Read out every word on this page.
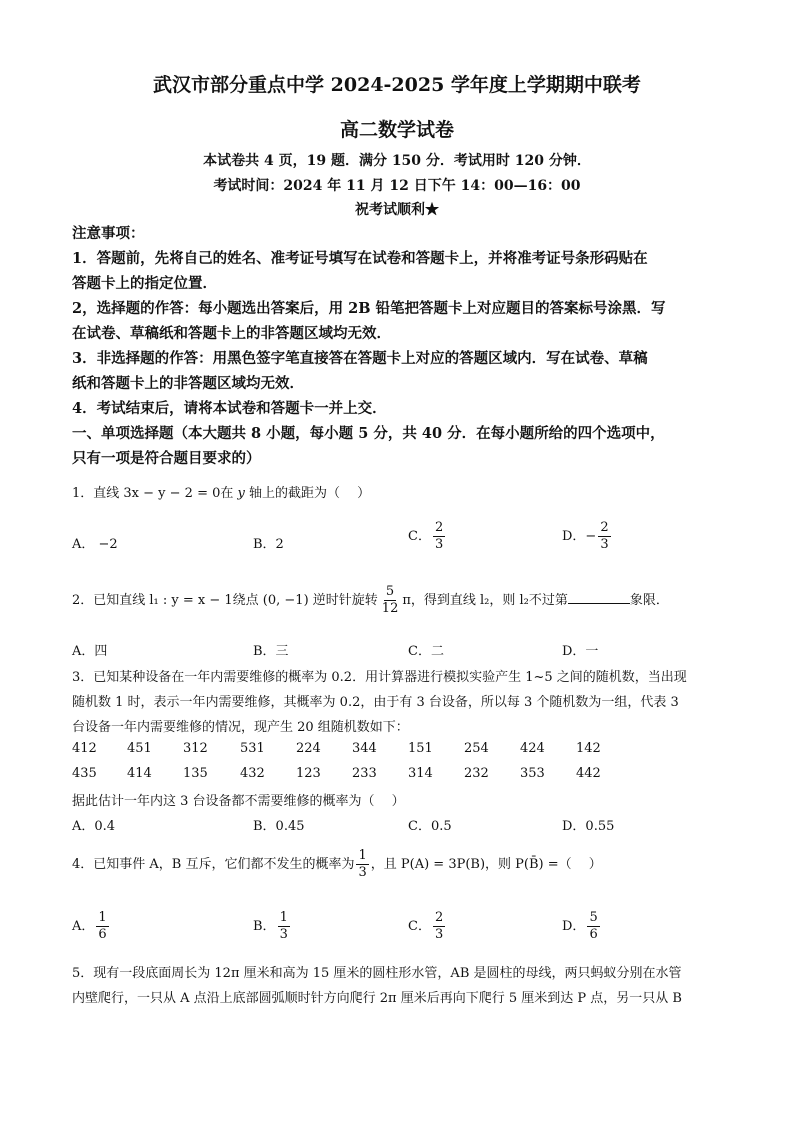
武汉市部分重点中学 2024-2025 学年度上学期期中联考
高二数学试卷
本试卷共 4 页，19 题．满分 150 分．考试用时 120 分钟．
考试时间：2024 年 11 月 12 日下午 14：00—16：00
祝考试顺利★
注意事项：
1．答题前，先将自己的姓名、准考证号填写在试卷和答题卡上，并将准考证号条形码贴在
答题卡上的指定位置．
2，选择题的作答：每小题选出答案后，用 2B 铅笔把答题卡上对应题目的答案标号涂黑．写
在试卷、草稿纸和答题卡上的非答题区域均无效．
3．非选择题的作答：用黑色签字笔直接答在答题卡上对应的答题区域内．写在试卷、草稿
纸和答题卡上的非答题区域均无效．
4．考试结束后，请将本试卷和答题卡一并上交．
一、单项选择题（本大题共 8 小题，每小题 5 分，共 40 分．在每小题所给的四个选项中，
只有一项是符合题目要求的）
1．直线 3x − y − 2 = 0在 y 轴上的截距为（　 ）
A． −2	B．2
C． $\frac{2}{3}$	D．− $\frac{2}{3}$
2．已知直线 l₁ : y = x − 1绕点 (0, −1) 逆时针旋转 $\frac{5}{12}$ π，得到直线 l₂，则 l₂不过第	象限．
A．四	B．三	C．二	D．一
3．已知某种设备在一年内需要维修的概率为 0.2．用计算器进行模拟实验产生 1~5 之间的随机数，当出现
随机数 1 时，表示一年内需要维修，其概率为 0.2，由于有 3 台设备，所以每 3 个随机数为一组，代表 3
台设备一年内需要维修的情况，现产生 20 组随机数如下：
412 451 312 531 224 344 151 254 424 142
435 414 135 432 123 233 314 232 353 442
据此估计一年内这 3 台设备都不需要维修的概率为（　 ）
A．0.4	B．0.45	C．0.5	D．0.55
4．已知事件 A，B 互斥，它们都不发生的概率为 $\frac{1}{3}$ ，且 P(A) = 3P(B)，则 P(B̄) =（　 ）
A． $\frac{1}{6}$	B． $\frac{1}{3}$	C． $\frac{2}{3}$	D． $\frac{5}{6}$
5．现有一段底面周长为 12π 厘米和高为 15 厘米的圆柱形水管，AB 是圆柱的母线，两只蚂蚁分别在水管
内壁爬行，一只从 A 点沿上底部圆弧顺时针方向爬行 2π 厘米后再向下爬行 5 厘米到达 P 点，另一只从 B
